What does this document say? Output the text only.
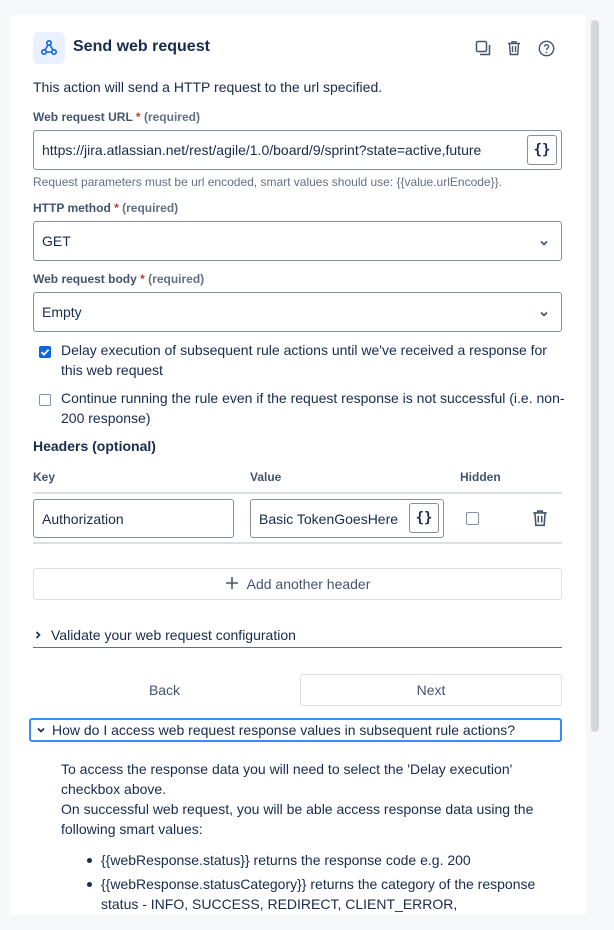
Send web request
This action will send a HTTP request to the url specified.
Web request URL * (required)
https://jira.atlassian.net/rest/agile/1.0/board/9/sprint?state=active,future	{}
Request parameters must be url encoded, smart values should use: {{value.urlEncode}}.
HTTP method * (required)
GET
Web request body * (required)
Empty
Delay execution of subsequent rule actions until we've received a response for this web request
Continue running the rule even if the request response is not successful (i.e. non-200 response)
Headers (optional)
Key	Value	Hidden
Authorization	Basic TokenGoesHere	{}
Add another header
Validate your web request configuration
Back	Next
How do I access web request response values in subsequent rule actions?

To access the response data you will need to select the 'Delay execution' checkbox above.

On successful web request, you will be able access response data using the following smart values:

{{webResponse.status}} returns the response code e.g. 200
{{webResponse.statusCategory}} returns the category of the response status - INFO, SUCCESS, REDIRECT, CLIENT_ERROR,
